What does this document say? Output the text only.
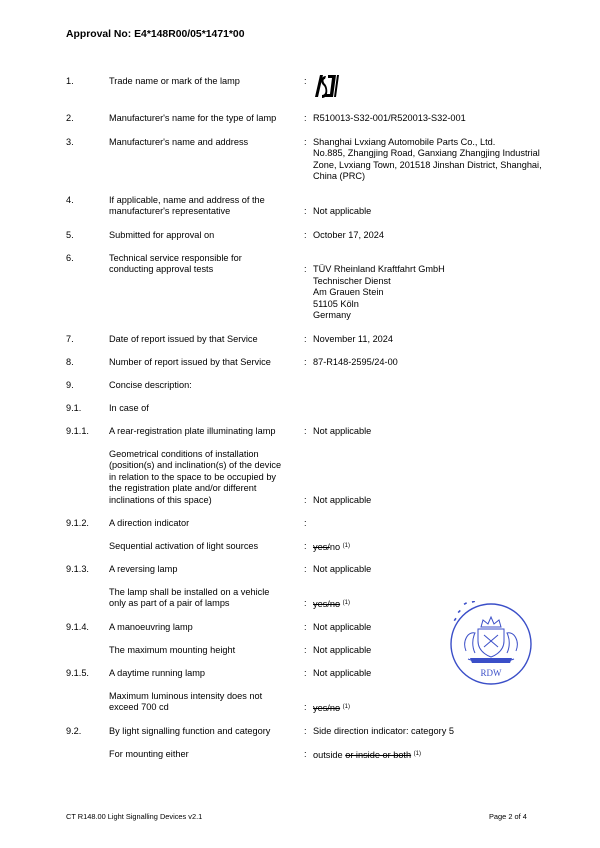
Approval No: E4*148R00/05*1471*00
1.	Trade name or mark of the lamp	:
2.	Manufacturer's name for the type of lamp	: R510013-S32-001/R520013-S32-001
3.	Manufacturer's name and address	: Shanghai Lvxiang Automobile Parts Co., Ltd.
No.885, Zhangjing Road, Ganxiang Zhangjing Industrial
Zone, Lvxiang Town, 201518 Jinshan District, Shanghai,
China (PRC)
4.	If applicable, name and address of the
manufacturer's representative	: Not applicable
5.	Submitted for approval on	: October 17, 2024
6.	Technical service responsible for
conducting approval tests	: TÜV Rheinland Kraftfahrt GmbH
Technischer Dienst
Am Grauen Stein
51105 Köln
Germany
7.	Date of report issued by that Service	: November 11, 2024
8.	Number of report issued by that Service	: 87-R148-2595/24-00
9.	Concise description:
9.1.	In case of
9.1.1. A rear-registration plate illuminating lamp	: Not applicable
Geometrical conditions of installation
(position(s) and inclination(s) of the device
in relation to the space to be occupied by
the registration plate and/or different
inclinations of this space)	: Not applicable
9.1.2. A direction indicator	:
Sequential activation of light sources	: yes/no $^{(1)}$
9.1.3. A reversing lamp	: Not applicable
The lamp shall be installed on a vehicle
only as part of a pair of lamps	: yes/no $^{(1)}$
9.1.4. A manoeuvring lamp	: Not applicable
The maximum mounting height	: Not applicable
9.1.5. A daytime running lamp	: Not applicable
Maximum luminous intensity does not
exceed 700 cd	: yes/no $^{(1)}$
9.2.	By light signalling function and category	: Side direction indicator: category 5
For mounting either	: outside or inside or both $^{(1)}$
RDW
CT R148.00 Light Signalling Devices v2.1	Page 2 of 4
